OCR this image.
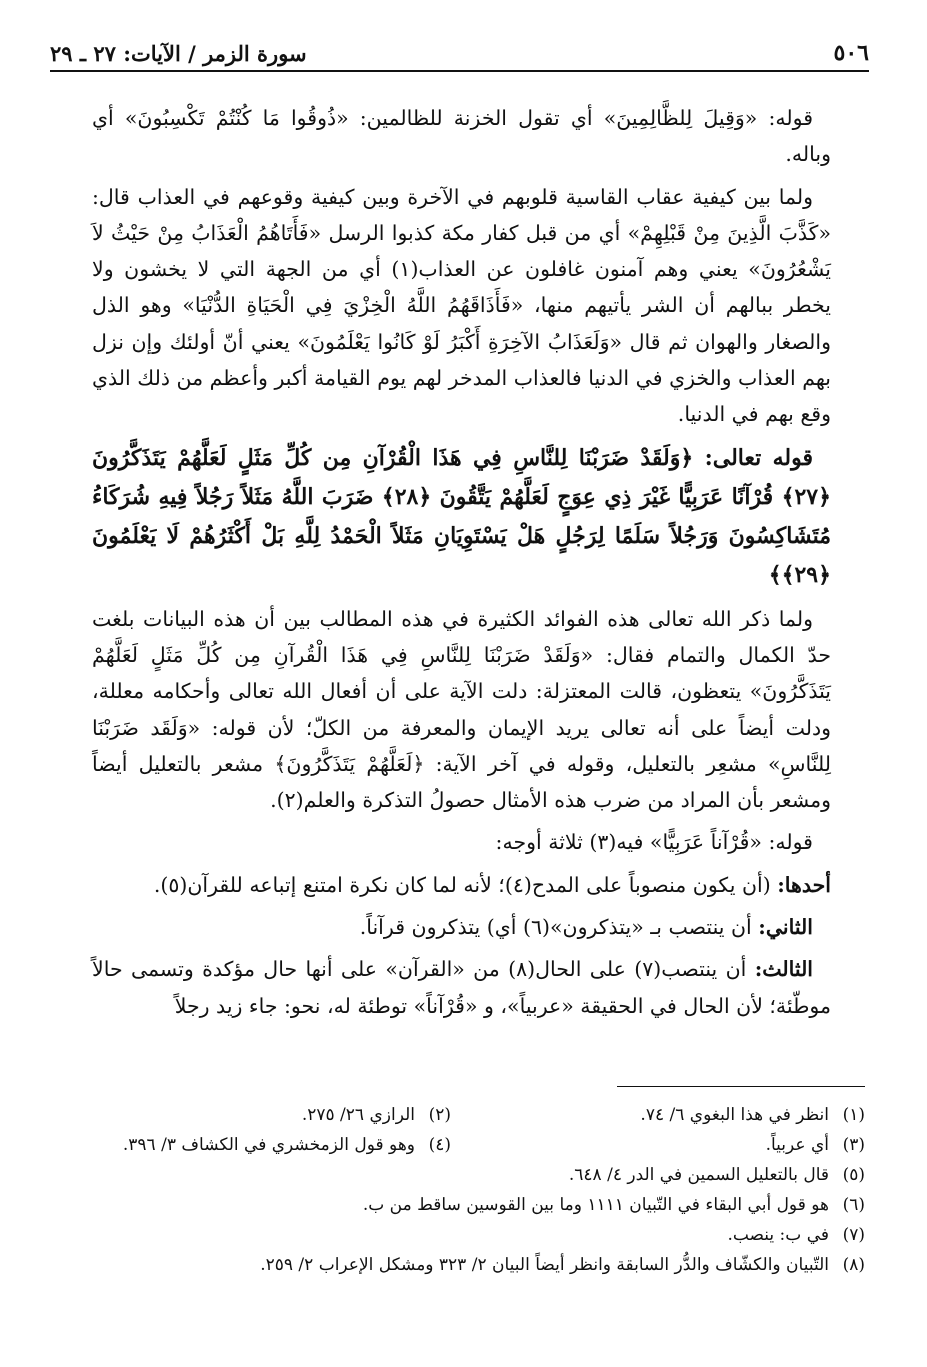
٥٠٦
سورة الزمر / الآيات: ٢٧ ـ ٢٩

قوله: «وَقِيلَ لِلظَّالِمِينَ» أي تقول الخزنة للظالمين: «ذُوقُوا مَا كُنْتُمْ تَكْسِبُونَ» أي وباله.

ولما بين كيفية عقاب القاسية قلوبهم في الآخرة وبين كيفية وقوعهم في العذاب قال: «كَذَّبَ الَّذِينَ مِنْ قَبْلِهِمْ» أي من قبل كفار مكة كذبوا الرسل «فَأَتَاهُمُ الْعَذَابُ مِنْ حَيْثُ لاَ يَشْعُرُونَ» يعني وهم آمنون غافلون عن العذاب(١) أي من الجهة التي لا يخشون ولا يخطر ببالهم أن الشر يأتيهم منها، «فَأَذَاقَهُمُ اللَّهُ الْخِزْيَ فِي الْحَيَاةِ الدُّنْيَا» وهو الذل والصغار والهوان ثم قال «وَلَعَذَابُ الآخِرَةِ أَكْبَرُ لَوْ كَانُوا يَعْلَمُونَ» يعني أنّ أولئك وإن نزل بهم العذاب والخزي في الدنيا فالعذاب المدخر لهم يوم القيامة أكبر وأعظم من ذلك الذي وقع بهم في الدنيا.

قوله تعالى: ﴿وَلَقَدْ ضَرَبْنَا لِلنَّاسِ فِي هَذَا الْقُرْآنِ مِن كُلِّ مَثَلٍ لَعَلَّهُمْ يَتَذَكَّرُونَ ﴿٢٧﴾ قُرْآنًا عَرَبِيًّا غَيْرَ ذِي عِوَجٍ لَعَلَّهُمْ يَتَّقُونَ ﴿٢٨﴾ ضَرَبَ اللَّهُ مَثَلاً رَجُلاً فِيهِ شُرَكَاءُ مُتَشَاكِسُونَ وَرَجُلاً سَلَمًا لِرَجُلٍ هَلْ يَسْتَوِيَانِ مَثَلاً الْحَمْدُ لِلَّهِ بَلْ أَكْثَرُهُمْ لَا يَعْلَمُونَ ﴿٢٩﴾﴾

ولما ذكر الله تعالى هذه الفوائد الكثيرة في هذه المطالب بين أن هذه البيانات بلغت حدّ الكمال والتمام فقال: «وَلَقَدْ ضَرَبْنَا لِلنَّاسِ فِي هَذَا الْقُرآنِ مِن كُلِّ مَثَلٍ لَعَلَّهُمْ يَتَذَكَّرُونَ» يتعظون، قالت المعتزلة: دلت الآية على أن أفعال الله تعالى وأحكامه معللة، ودلت أيضاً على أنه تعالى يريد الإيمان والمعرفة من الكلّ؛ لأن قوله: «وَلَقَد ضَرَبْنَا لِلنَّاسِ» مشعِر بالتعليل، وقوله في آخر الآية: ﴿لَعَلَّهُمْ يَتَذَكَّرُونَ﴾ مشعر بالتعليل أيضاً ومشعر بأن المراد من ضرب هذه الأمثال حصولُ التذكرة والعلم(٢).

قوله: «قُرْآناً عَرَبِيًّا» فيه(٣) ثلاثة أوجه:

أحدها: (أن يكون منصوباً على المدح(٤)؛ لأنه لما كان نكرة امتنع إتباعه للقرآن(٥).

الثاني: أن ينتصب بـ «يتذكرون»(٦) أي) يتذكرون قرآناً.

الثالث: أن ينتصب(٧) على الحال(٨) من «القرآن» على أنها حال مؤكدة وتسمى حالاً موطّئة؛ لأن الحال في الحقيقة «عربياً»، و «قُرْآناً» توطئة له، نحو: جاء زيد رجلاً

(١)
انظر في هذا البغوي ٦/ ٧٤.
(٢)
الرازي ٢٦/ ٢٧٥.
(٣)
أي عربياً.
(٤)
وهو قول الزمخشري في الكشاف ٣/ ٣٩٦.
(٥)
قال بالتعليل السمين في الدر ٤/ ٦٤٨.
(٦)
هو قول أبي البقاء في التّبيان ١١١١ وما بين القوسين ساقط من ب.
(٧)
في ب: ينصب.
(٨)
التّبيان والكشّاف والدُّر السابقة وانظر أيضاً البيان ٢/ ٣٢٣ ومشكل الإعراب ٢/ ٢٥٩.
